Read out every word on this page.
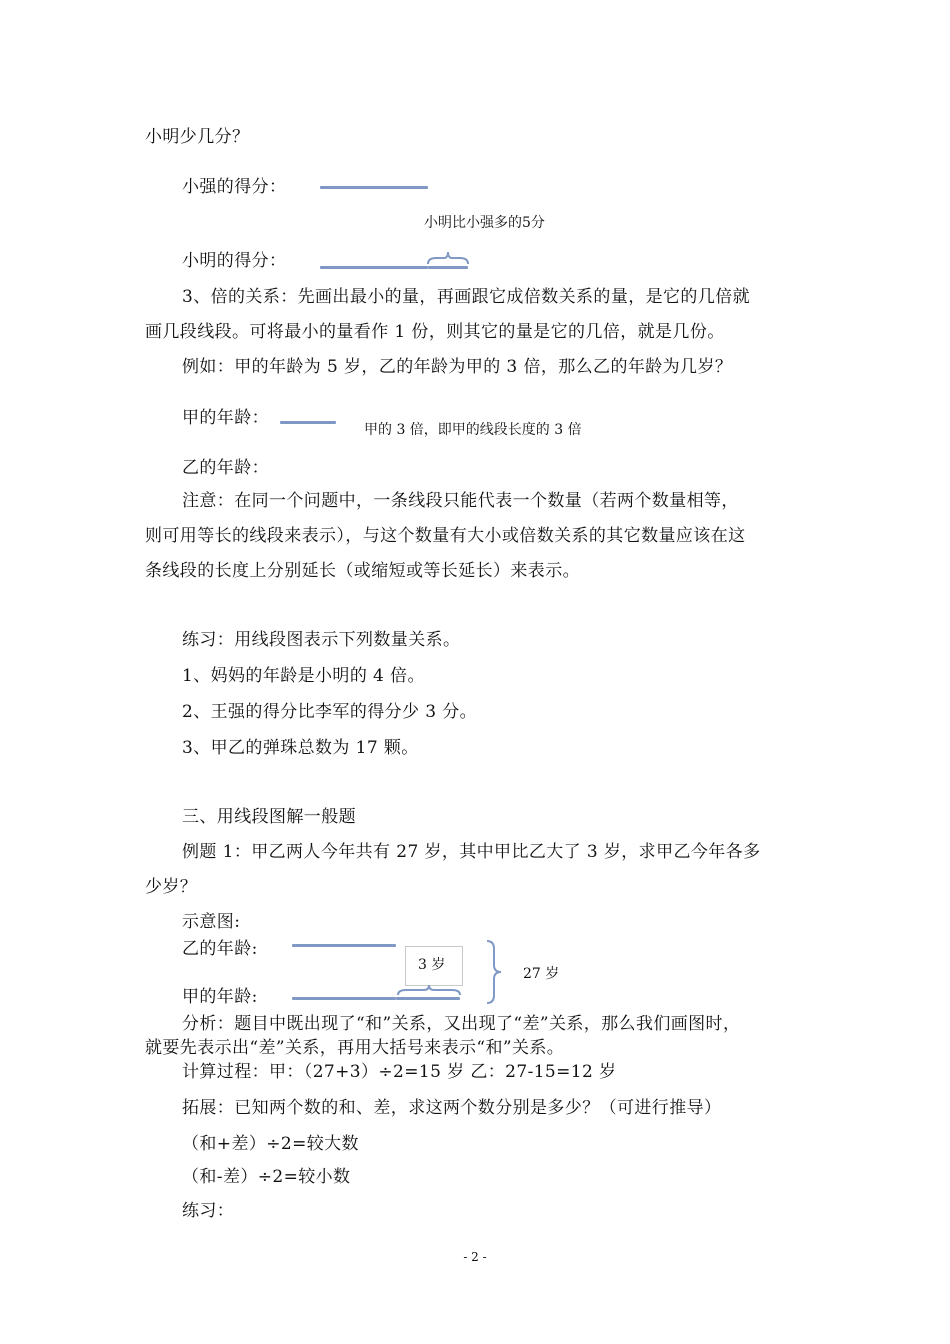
小明少几分？
小强的得分：
小明比小强多的5分
小明的得分：
3、倍的关系：先画出最小的量，再画跟它成倍数关系的量，是它的几倍就
画几段线段。可将最小的量看作 1 份，则其它的量是它的几倍，就是几份。
例如：甲的年龄为 5 岁，乙的年龄为甲的 3 倍，那么乙的年龄为几岁？
甲的年龄：
甲的 3 倍，即甲的线段长度的 3 倍
乙的年龄：
注意：在同一个问题中，一条线段只能代表一个数量（若两个数量相等，
则可用等长的线段来表示），与这个数量有大小或倍数关系的其它数量应该在这
条线段的长度上分别延长（或缩短或等长延长）来表示。
练习：用线段图表示下列数量关系。
1、妈妈的年龄是小明的 4 倍。
2、王强的得分比李军的得分少 3 分。
3、甲乙的弹珠总数为 17 颗。
三、用线段图解一般题
例题 1：甲乙两人今年共有 27 岁，其中甲比乙大了 3 岁，求甲乙今年各多
少岁？
示意图:
乙的年龄:
3 岁
27 岁
甲的年龄:
分析：题目中既出现了“和”关系，又出现了“差”关系，那么我们画图时，
就要先表示出“差”关系，再用大括号来表示“和”关系。
计算过程：甲：（27+3）÷2=15 岁 乙：27-15=12 岁
拓展：已知两个数的和、差，求这两个数分别是多少？（可进行推导）
（和+差）÷2=较大数
（和-差）÷2=较小数
练习：
- 2 -
